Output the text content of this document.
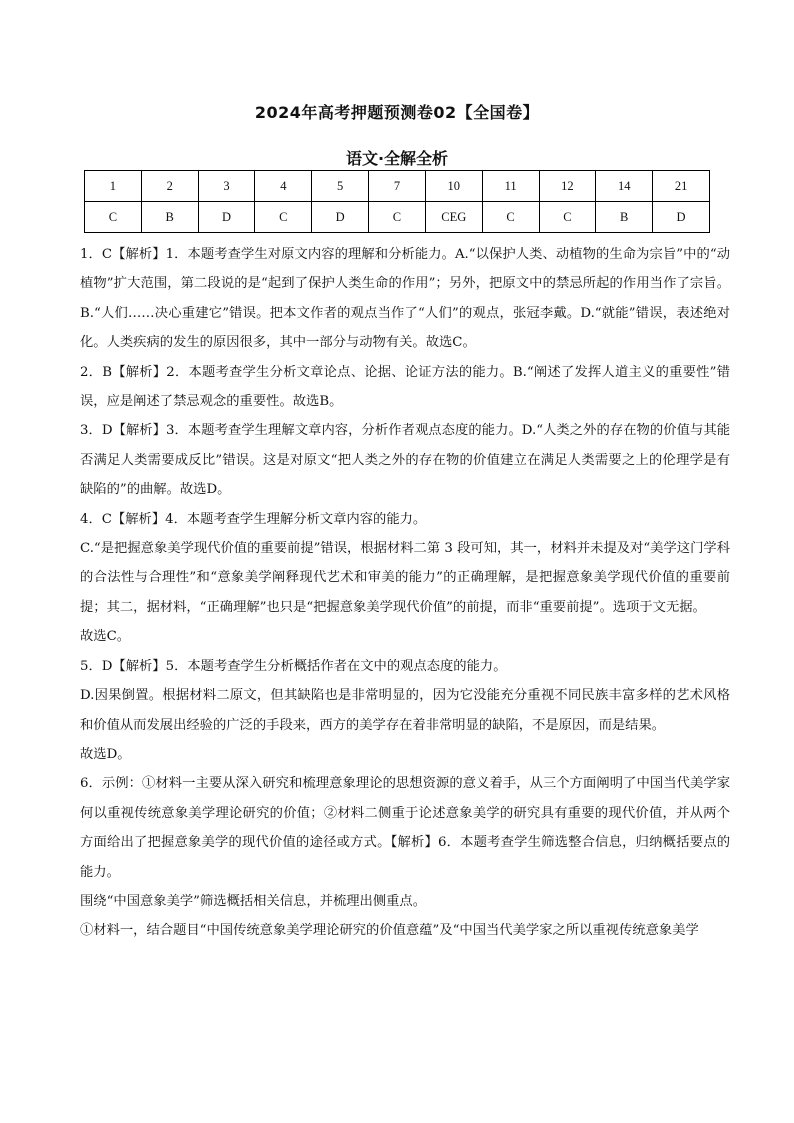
2024年高考押题预测卷02【全国卷】
语文·全解全析
1	2	3	4	5	7	10	11	12	14	21
C	B	D	C	D	C	CEG	C	C	B	D

1．C【解析】1．本题考查学生对原文内容的理解和分析能力。A.“以保护人类、动植物的生命为宗旨”中的“动植物”扩大范围，第二段说的是“起到了保护人类生命的作用”；另外，把原文中的禁忌所起的作用当作了宗旨。B.“人们……决心重建它”错误。把本文作者的观点当作了“人们”的观点，张冠李戴。D.“就能”错误，表述绝对化。人类疾病的发生的原因很多，其中一部分与动物有关。故选C。

2．B【解析】2．本题考查学生分析文章论点、论据、论证方法的能力。B.“阐述了发挥人道主义的重要性”错误，应是阐述了禁忌观念的重要性。故选B。

3．D【解析】3．本题考查学生理解文章内容，分析作者观点态度的能力。D.“人类之外的存在物的价值与其能否满足人类需要成反比”错误。这是对原文“把人类之外的存在物的价值建立在满足人类需要之上的伦理学是有缺陷的”的曲解。故选D。

4．C【解析】4．本题考查学生理解分析文章内容的能力。

C.“是把握意象美学现代价值的重要前提”错误，根据材料二第 3 段可知，其一，材料并未提及对“美学这门学科的合法性与合理性”和“意象美学阐释现代艺术和审美的能力”的正确理解，是把握意象美学现代价值的重要前提；其二，据材料，“正确理解”也只是“把握意象美学现代价值”的前提，而非“重要前提”。选项于文无据。

故选C。

5．D【解析】5．本题考查学生分析概括作者在文中的观点态度的能力。

D.因果倒置。根据材料二原文，但其缺陷也是非常明显的，因为它没能充分重视不同民族丰富多样的艺术风格和价值从而发展出经验的广泛的手段来，西方的美学存在着非常明显的缺陷，不是原因，而是结果。

故选D。

6．示例：①材料一主要从深入研究和梳理意象理论的思想资源的意义着手，从三个方面阐明了中国当代美学家何以重视传统意象美学理论研究的价值；②材料二侧重于论述意象美学的研究具有重要的现代价值，并从两个方面给出了把握意象美学的现代价值的途径或方式。【解析】6．本题考查学生筛选整合信息，归纳概括要点的能力。

围绕“中国意象美学”筛选概括相关信息，并梳理出侧重点。

①材料一，结合题目“中国传统意象美学理论研究的价值意蕴”及“中国当代美学家之所以重视传统意象美学
